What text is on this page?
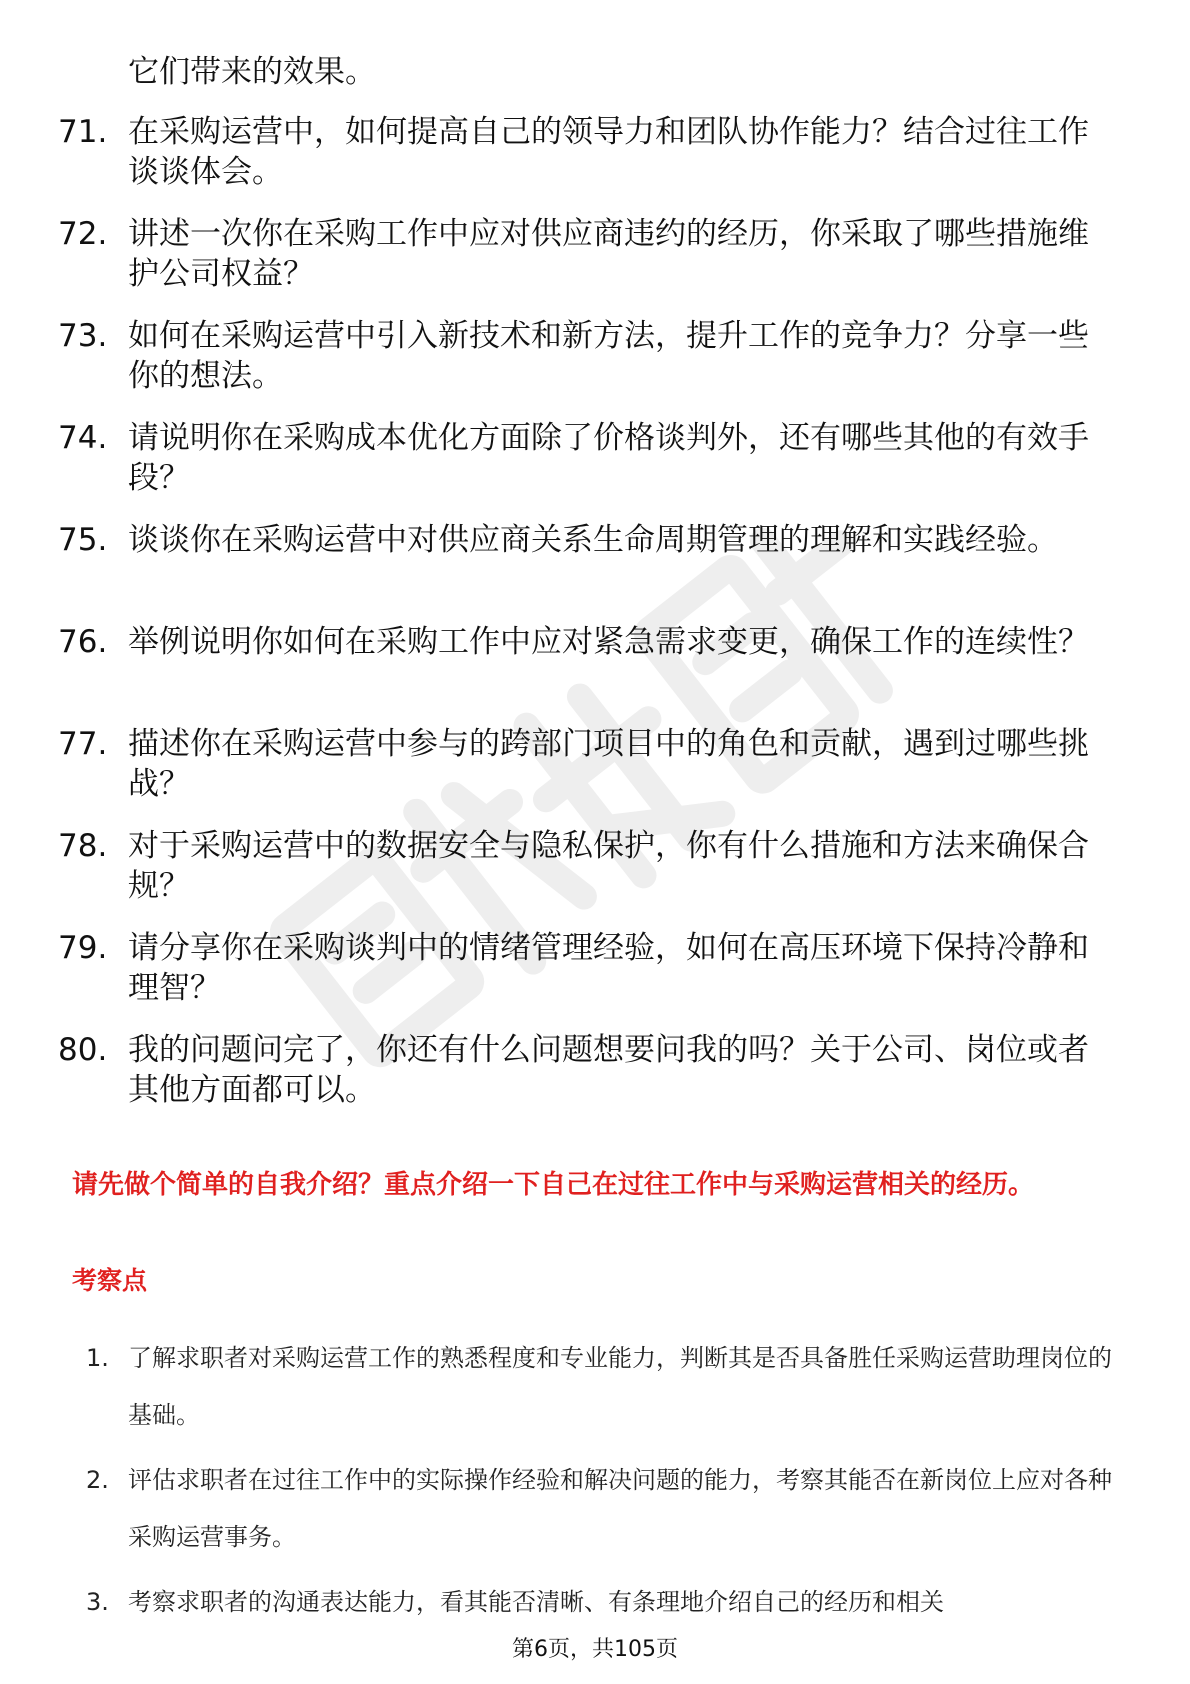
它们带来的效果。

71. 在采购运营中，如何提高自己的领导力和团队协作能力？结合过往工作谈谈体会。
72. 讲述一次你在采购工作中应对供应商违约的经历，你采取了哪些措施维护公司权益？
73. 如何在采购运营中引入新技术和新方法，提升工作的竞争力？分享一些你的想法。
74. 请说明你在采购成本优化方面除了价格谈判外，还有哪些其他的有效手段？
75. 谈谈你在采购运营中对供应商关系生命周期管理的理解和实践经验。
76. 举例说明你如何在采购工作中应对紧急需求变更，确保工作的连续性？
77. 描述你在采购运营中参与的跨部门项目中的角色和贡献，遇到过哪些挑战？
78. 对于采购运营中的数据安全与隐私保护，你有什么措施和方法来确保合规？
79. 请分享你在采购谈判中的情绪管理经验，如何在高压环境下保持冷静和理智？
80. 我的问题问完了，你还有什么问题想要问我的吗？关于公司、岗位或者其他方面都可以。
请先做个简单的自我介绍？重点介绍一下自己在过往工作中与采购运营相关的经历。
考察点
1. 了解求职者对采购运营工作的熟悉程度和专业能力，判断其是否具备胜任采购运营助理岗位的基础。
2. 评估求职者在过往工作中的实际操作经验和解决问题的能力，考察其能否在新岗位上应对各种采购运营事务。
3. 考察求职者的沟通表达能力，看其能否清晰、有条理地介绍自己的经历和相关
第6页，共105页
